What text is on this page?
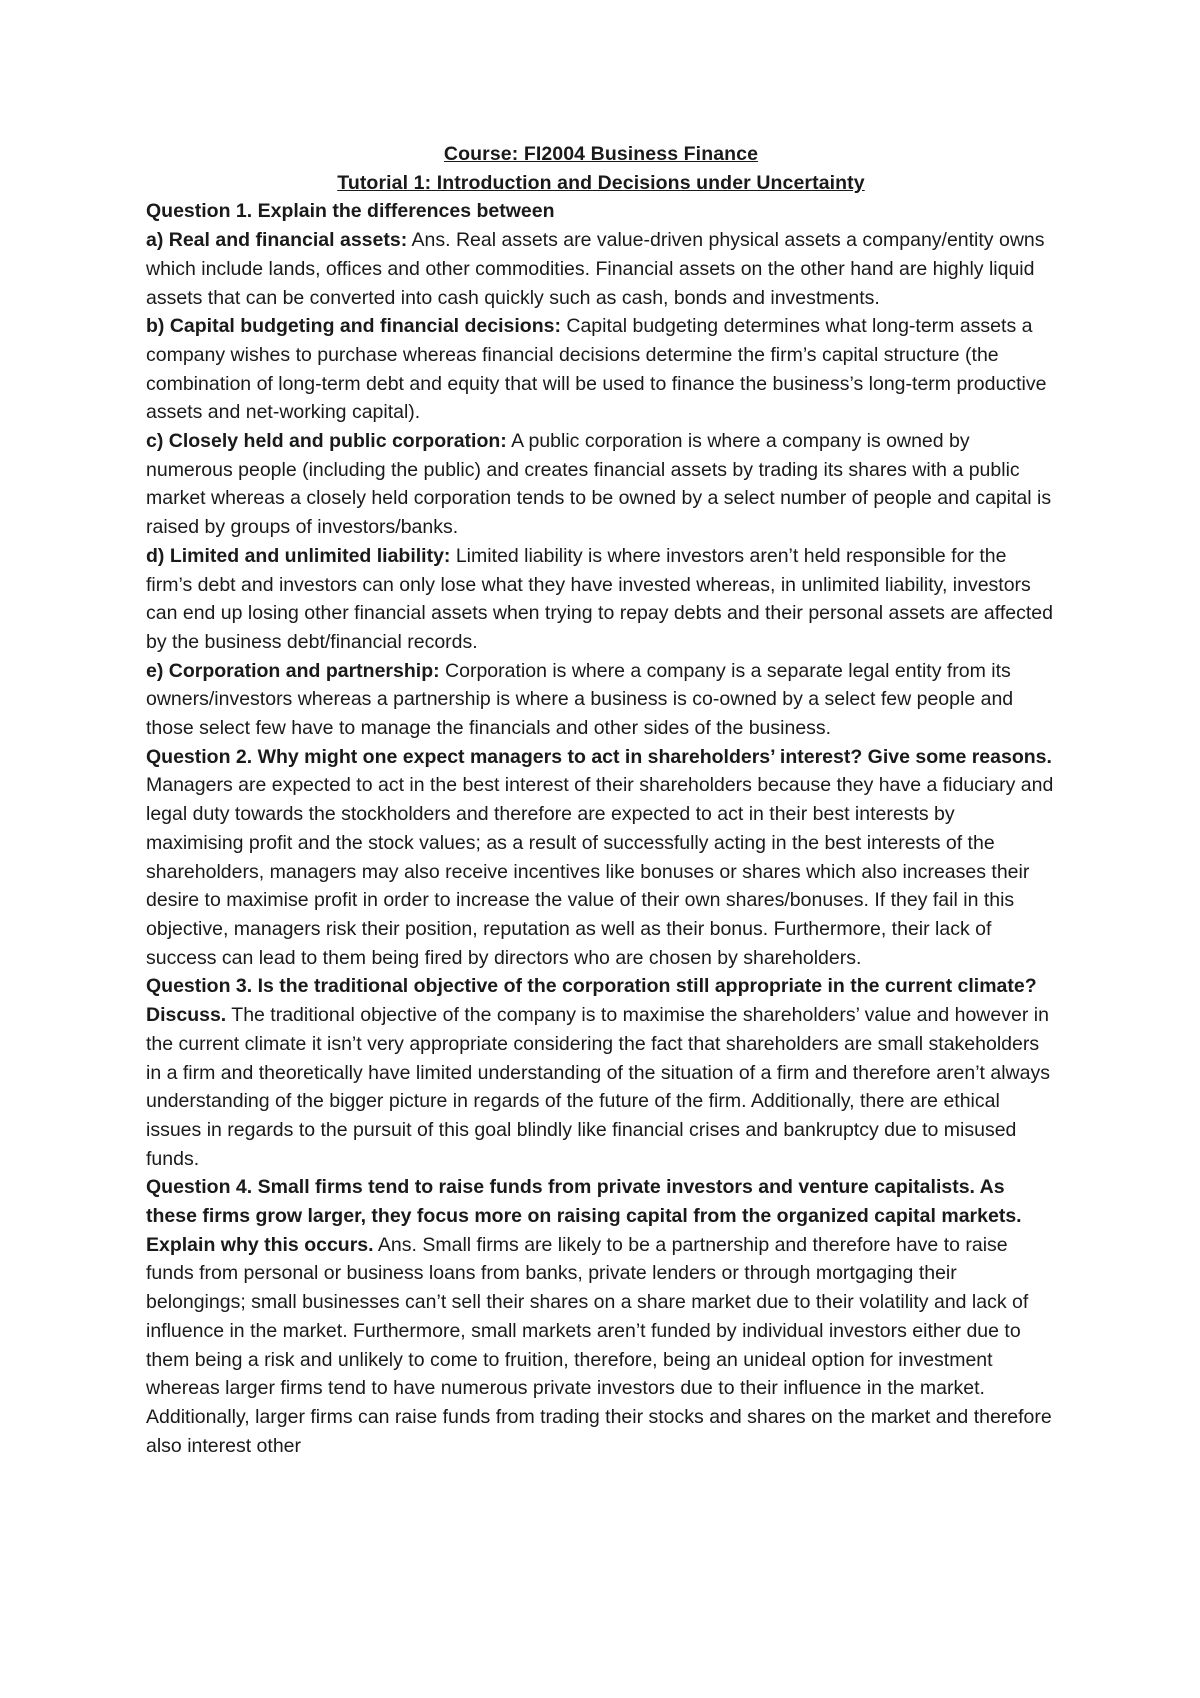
Course: FI2004 Business Finance
Tutorial 1: Introduction and Decisions under Uncertainty

Question 1. Explain the differences between

a) Real and financial assets: Ans. Real assets are value-driven physical assets a company/entity owns which include lands, offices and other commodities. Financial assets on the other hand are highly liquid assets that can be converted into cash quickly such as cash, bonds and investments.

b) Capital budgeting and financial decisions: Capital budgeting determines what long-term assets a company wishes to purchase whereas financial decisions determine the firm’s capital structure (the combination of long-term debt and equity that will be used to finance the business’s long-term productive assets and net-working capital).

c) Closely held and public corporation: A public corporation is where a company is owned by numerous people (including the public) and creates financial assets by trading its shares with a public market whereas a closely held corporation tends to be owned by a select number of people and capital is raised by groups of investors/banks.

d) Limited and unlimited liability: Limited liability is where investors aren’t held responsible for the firm’s debt and investors can only lose what they have invested whereas, in unlimited liability, investors can end up losing other financial assets when trying to repay debts and their personal assets are affected by the business debt/financial records.

e) Corporation and partnership: Corporation is where a company is a separate legal entity from its owners/investors whereas a partnership is where a business is co-owned by a select few people and those select few have to manage the financials and other sides of the business.

Question 2. Why might one expect managers to act in shareholders’ interest? Give some reasons. Managers are expected to act in the best interest of their shareholders because they have a fiduciary and legal duty towards the stockholders and therefore are expected to act in their best interests by maximising profit and the stock values; as a result of successfully acting in the best interests of the shareholders, managers may also receive incentives like bonuses or shares which also increases their desire to maximise profit in order to increase the value of their own shares/bonuses. If they fail in this objective, managers risk their position, reputation as well as their bonus. Furthermore, their lack of success can lead to them being fired by directors who are chosen by shareholders.

Question 3. Is the traditional objective of the corporation still appropriate in the current climate? Discuss. The traditional objective of the company is to maximise the shareholders’ value and however in the current climate it isn’t very appropriate considering the fact that shareholders are small stakeholders in a firm and theoretically have limited understanding of the situation of a firm and therefore aren’t always understanding of the bigger picture in regards of the future of the firm. Additionally, there are ethical issues in regards to the pursuit of this goal blindly like financial crises and bankruptcy due to misused funds.

Question 4. Small firms tend to raise funds from private investors and venture capitalists. As these firms grow larger, they focus more on raising capital from the organized capital markets. Explain why this occurs. Ans. Small firms are likely to be a partnership and therefore have to raise funds from personal or business loans from banks, private lenders or through mortgaging their belongings; small businesses can’t sell their shares on a share market due to their volatility and lack of influence in the market. Furthermore, small markets aren’t funded by individual investors either due to them being a risk and unlikely to come to fruition, therefore, being an unideal option for investment whereas larger firms tend to have numerous private investors due to their influence in the market. Additionally, larger firms can raise funds from trading their stocks and shares on the market and therefore also interest other
